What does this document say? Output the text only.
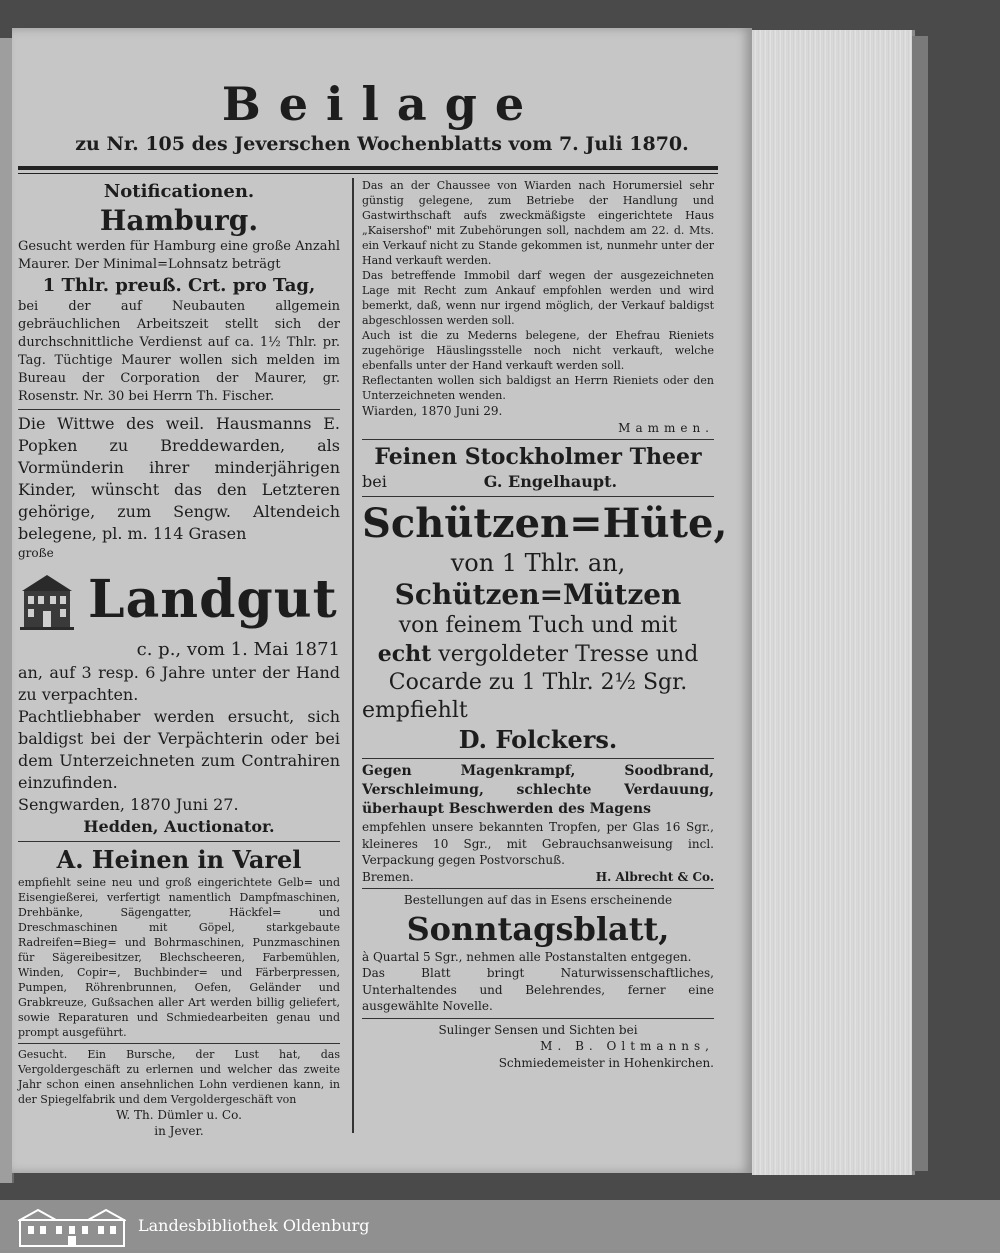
Beilage
zu Nr. 105 des Jeverschen Wochenblatts vom 7. Juli 1870.

Notificationen.

Hamburg.

Gesucht werden für Hamburg eine große Anzahl Maurer. Der Minimal=Lohnsatz beträgt

1 Thlr. preuß. Crt. pro Tag,

bei der auf Neubauten allgemein gebräuchlichen Arbeitszeit stellt sich der durchschnittliche Verdienst auf ca. 1½ Thlr. pr. Tag. Tüchtige Maurer wollen sich melden im Bureau der Corporation der Maurer, gr. Rosenstr. Nr. 30 bei Herrn Th. Fischer.

Die Wittwe des weil. Hausmanns E. Popken zu Breddewarden, als Vormünderin ihrer minderjährigen Kinder, wünscht das den Letzteren gehörige, zum Sengw. Altendeich belegene, pl. m. 114 Grasen

große

Landgut

c. p., vom 1. Mai 1871

an, auf 3 resp. 6 Jahre unter der Hand zu verpachten.

Pachtliebhaber werden ersucht, sich baldigst bei der Verpächterin oder bei dem Unterzeichneten zum Contrahiren einzufinden.

Sengwarden, 1870 Juni 27.

Hedden, Auctionator.

A. Heinen in Varel

empfiehlt seine neu und groß eingerichtete Gelb= und Eisengießerei, verfertigt namentlich Dampfmaschinen, Drehbänke, Sägengatter, Häckfel= und Dreschmaschinen mit Göpel, starkgebaute Radreifen=Bieg= und Bohrmaschinen, Punzmaschinen für Sägereibesitzer, Blechscheeren, Farbemühlen, Winden, Copir=, Buchbinder= und Färberpressen, Pumpen, Röhrenbrunnen, Oefen, Geländer und Grabkreuze, Gußsachen aller Art werden billig geliefert, sowie Reparaturen und Schmiedearbeiten genau und prompt ausgeführt.

Gesucht. Ein Bursche, der Lust hat, das Vergoldergeschäft zu erlernen und welcher das zweite Jahr schon einen ansehnlichen Lohn verdienen kann, in der Spiegelfabrik und dem Vergoldergeschäft von

W. Th. Dümler u. Co.

in Jever.

Das an der Chaussee von Wiarden nach Horumersiel sehr günstig gelegene, zum Betriebe der Handlung und Gastwirthschaft aufs zweckmäßigste eingerichtete Haus „Kaisershof" mit Zubehörungen soll, nachdem am 22. d. Mts. ein Verkauf nicht zu Stande gekommen ist, nunmehr unter der Hand verkauft werden.

Das betreffende Immobil darf wegen der ausgezeichneten Lage mit Recht zum Ankauf empfohlen werden und wird bemerkt, daß, wenn nur irgend möglich, der Verkauf baldigst abgeschlossen werden soll.

Auch ist die zu Mederns belegene, der Ehefrau Rieniets zugehörige Häuslingsstelle noch nicht verkauft, welche ebenfalls unter der Hand verkauft werden soll.

Reflectanten wollen sich baldigst an Herrn Rieniets oder den Unterzeichneten wenden.

Wiarden, 1870 Juni 29.

Mammen.

Feinen Stockholmer Theer

bei	G. Engelhaupt.

Schützen=Hüte,

von 1 Thlr. an,

Schützen=Mützen

von feinem Tuch und mit

echt vergoldeter Tresse und

Cocarde zu 1 Thlr. 2½ Sgr.

empfiehlt

D. Folckers.

Gegen Magenkrampf, Soodbrand, Verschleimung, schlechte Verdauung, überhaupt Beschwerden des Magens

empfehlen unsere bekannten Tropfen, per Glas 16 Sgr., kleineres 10 Sgr., mit Gebrauchsanweisung incl. Verpackung gegen Postvorschuß.

Bremen.	H. Albrecht & Co.

Bestellungen auf das in Esens erscheinende

Sonntagsblatt,

à Quartal 5 Sgr., nehmen alle Postanstalten entgegen.

Das Blatt bringt Naturwissenschaftliches, Unterhaltendes und Belehrendes, ferner eine ausgewählte Novelle.

Sulinger Sensen und Sichten bei

M. B. Oltmanns,

Schmiedemeister in Hohenkirchen.

Landesbibliothek Oldenburg
